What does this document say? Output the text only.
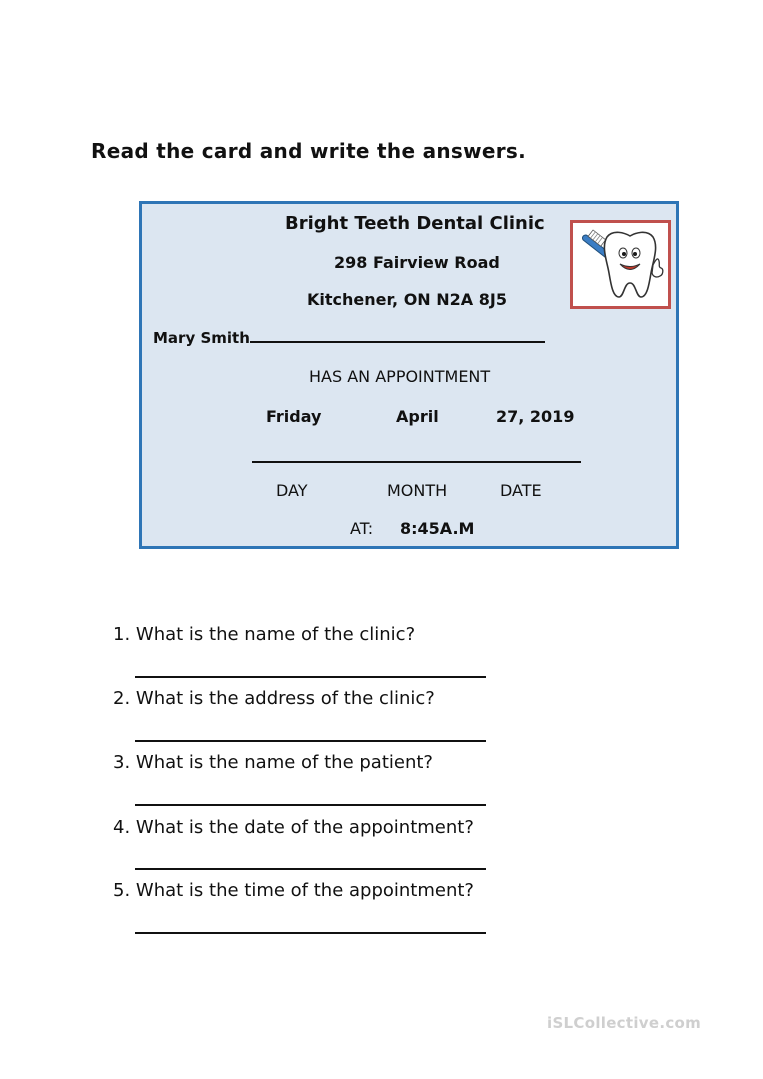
Read the card and write the answers.
Bright Teeth Dental Clinic
298 Fairview Road
Kitchener, ON N2A 8J5
Mary Smith
HAS AN APPOINTMENT
Friday	April	27, 2019
DAY	MONTH	DATE
AT: 8:45A.M
1. What is the name of the clinic?
2. What is the address of the clinic?
3. What is the name of the patient?
4. What is the date of the appointment?
5. What is the time of the appointment?
iSLCollective.com
